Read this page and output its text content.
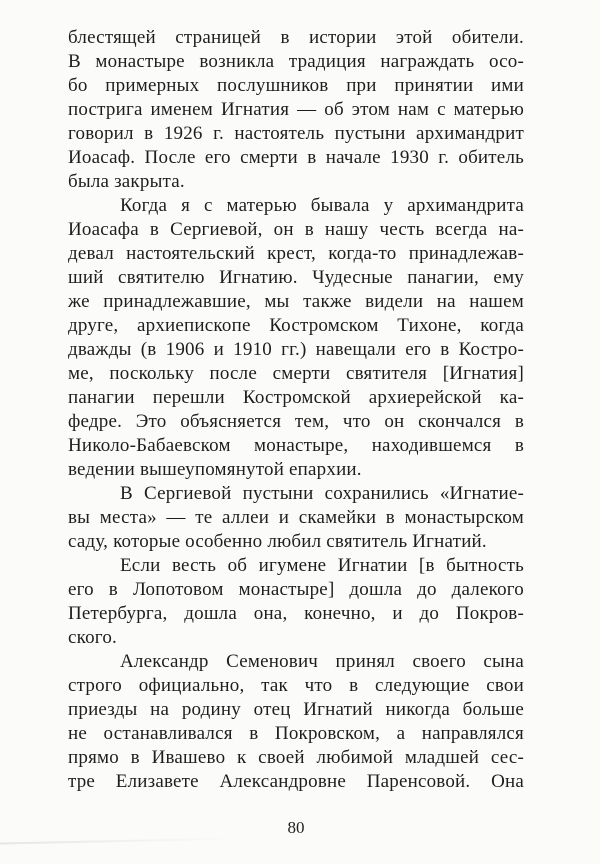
блестящей страницей в истории этой обители.
В монастыре возникла традиция награждать осо-
бо примерных послушников при принятии ими
пострига именем Игнатия — об этом нам с матерью
говорил в 1926 г. настоятель пустыни архимандрит
Иоасаф. После его смерти в начале 1930 г. обитель
была закрыта.
Когда я с матерью бывала у архимандрита
Иоасафа в Сергиевой, он в нашу честь всегда на-
девал настоятельский крест, когда-то принадлежав-
ший святителю Игнатию. Чудесные панагии, ему
же принадлежавшие, мы также видели на нашем
друге, архиепископе Костромском Тихоне, когда
дважды (в 1906 и 1910 гг.) навещали его в Костро-
ме, поскольку после смерти святителя [Игнатия]
панагии перешли Костромской архиерейской ка-
федре. Это объясняется тем, что он скончался в
Николо-Бабаевском монастыре, находившемся в
ведении вышеупомянутой епархии.
В Сергиевой пустыни сохранились «Игнатие-
вы места» — те аллеи и скамейки в монастырском
саду, которые особенно любил святитель Игнатий.
Если весть об игумене Игнатии [в бытность
его в Лопотовом монастыре] дошла до далекого
Петербурга, дошла она, конечно, и до Покров-
ского.
Александр Семенович принял своего сына
строго официально, так что в следующие свои
приезды на родину отец Игнатий никогда больше
не останавливался в Покровском, а направлялся
прямо в Ивашево к своей любимой младшей сес-
тре Елизавете Александровне Паренсовой. Она
80
